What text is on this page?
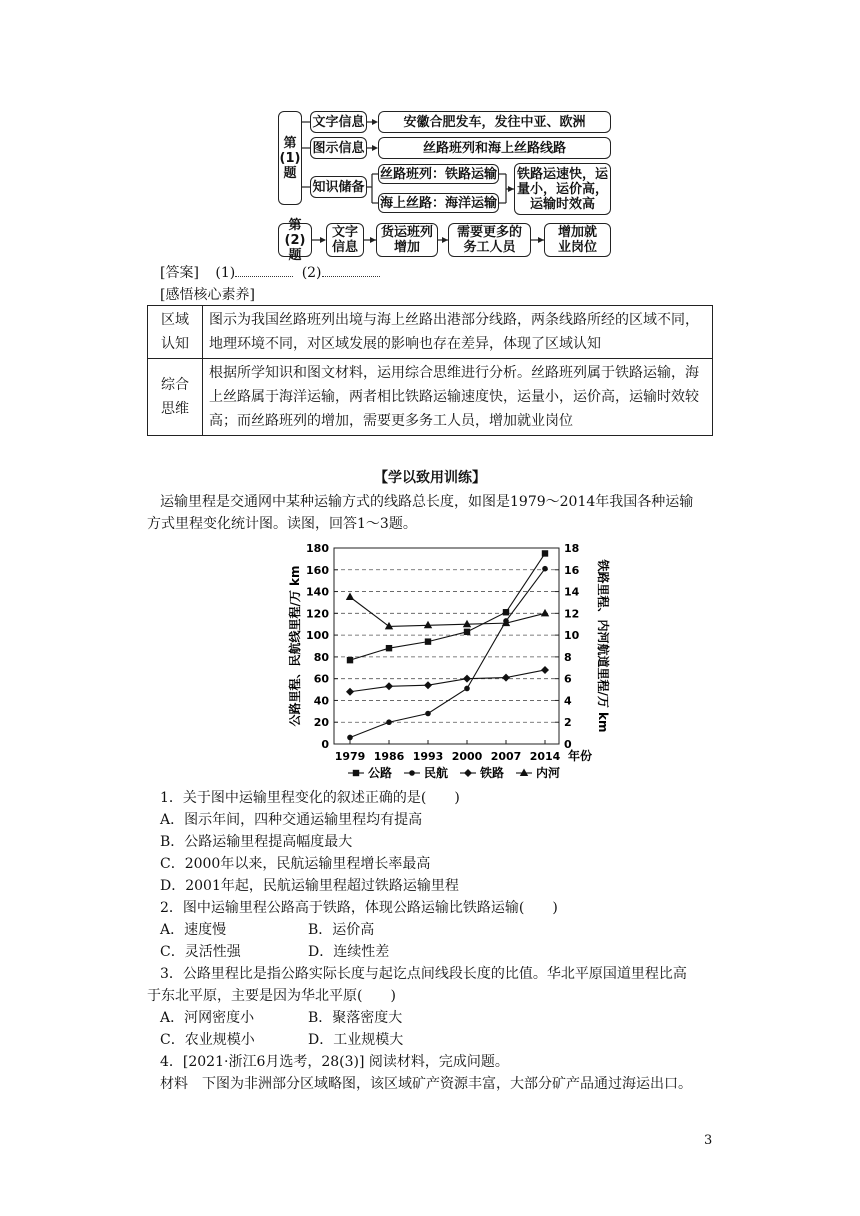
第
(1)
题
文字信息	安徽合肥发车，发往中亚、欧洲
图示信息	丝路班列和海上丝路线路
知识储备
丝路班列：铁路运输
海上丝路：海洋运输
铁路运速快，运
量小，运价高，
运输时效高
第(2)
题
文字
信息
货运班列
增加
需要更多的
务工人员
增加就
业岗位
[答案] (1)	(2)
[感悟核心素养]
区域
认知	图示为我国丝路班列出境与海上丝路出港部分线路，两条线路所经的区域不同，地理环境不同，对区域发展的影响也存在差异，体现了区域认知
综合
思维	根据所学知识和图文材料，运用综合思维进行分析。丝路班列属于铁路运输，海上丝路属于海洋运输，两者相比铁路运输速度快，运量小，运价高，运输时效较高；而丝路班列的增加，需要更多务工人员，增加就业岗位
【学以致用训练】
运输里程是交通网中某种运输方式的线路总长度，如图是1979～2014年我国各种运输
方式里程变化统计图。读图，回答1～3题。
0
20
40
60
80
100
120
140
160
180
0
2
4
6
8
10
12
14
16
18
1979 1986 1993 2000 2007 2014
公路里程、民航线里程/万 km	铁路里程、内河航道里程/万 km
年份
公路	民航	铁路	内河
1．关于图中运输里程变化的叙述正确的是(　　)
A．图示年间，四种交通运输里程均有提高
B．公路运输里程提高幅度最大
C．2000年以来，民航运输里程增长率最高
D．2001年起，民航运输里程超过铁路运输里程
2．图中运输里程公路高于铁路，体现公路运输比铁路运输(　　)
A．速度慢	B．运价高
C．灵活性强	D．连续性差
3．公路里程比是指公路实际长度与起讫点间线段长度的比值。华北平原国道里程比高
于东北平原，主要是因为华北平原(　　)
A．河网密度小	B．聚落密度大
C．农业规模小	D．工业规模大
4．[2021·浙江6月选考，28(3)] 阅读材料，完成问题。
材料　下图为非洲部分区域略图，该区域矿产资源丰富，大部分矿产品通过海运出口。
3
